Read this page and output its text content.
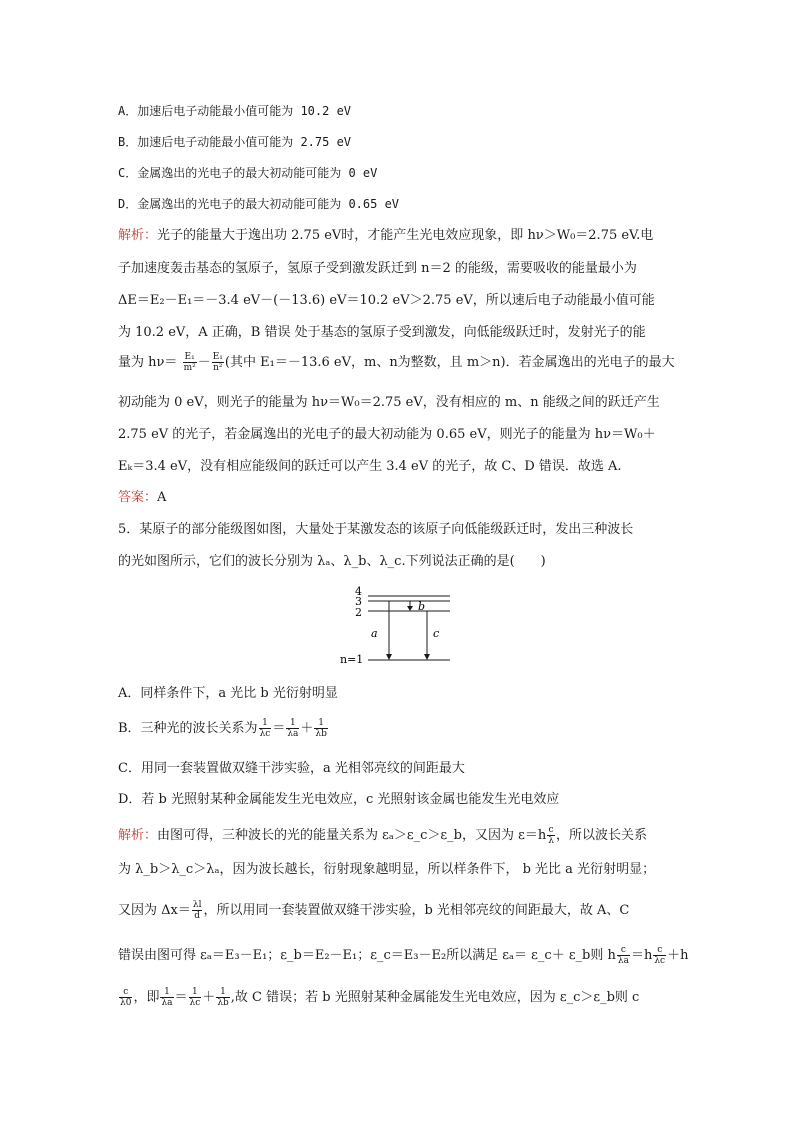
A．加速后电子动能最小值可能为 10.2 eV
B．加速后电子动能最小值可能为 2.75 eV
C．金属逸出的光电子的最大初动能可能为 0 eV
D．金属逸出的光电子的最大初动能可能为 0.65 eV
解析：光子的能量大于逸出功 2.75 eV时，才能产生光电效应现象，即 hν＞W₀＝2.75 eV.电
子加速度轰击基态的氢原子，氢原子受到激发跃迁到 n＝2 的能级，需要吸收的能量最小为
ΔE＝E₂－E₁＝－3.4 eV－(－13.6) eV＝10.2 eV＞2.75 eV，所以速后电子动能最小值可能
为 10.2 eV，A 正确，B 错误 处于基态的氢原子受到激发，向低能级跃迁时，发射光子的能
量为 $h\nu= \frac{\text{E₁}}{\text{m²}} - \frac{\text{E₁}}{\text{n²}}$ (其中 E₁＝－13.6 eV，m、n为整数，且 m＞n)．若金属逸出的光电子的最大
初动能为 0 eV，则光子的能量为 hν＝W₀＝2.75 eV，没有相应的 m、n 能级之间的跃迁产生
2.75 eV 的光子，若金属逸出的光电子的最大初动能为 0.65 eV，则光子的能量为 hν＝W₀＋
Eₖ＝3.4 eV，没有相应能级间的跃迁可以产生 3.4 eV 的光子，故 C、D 错误．故选 A.
答案：A
5．某原子的部分能级图如图，大量处于某激发态的该原子向低能级跃迁时，发出三种波长
的光如图所示，它们的波长分别为 λₐ、λ_b、λ_c.下列说法正确的是(　　)
4
3
2
n=1
b
a	c
A．同样条件下，a 光比 b 光衍射明显
B．三种光的波长关系为 $\frac{1}{\lambda c} = \frac{1}{\lambda a} + \frac{1}{\lambda b}$
C．用同一套装置做双缝干涉实验，a 光相邻亮纹的间距最大
D．若 b 光照射某种金属能发生光电效应，c 光照射该金属也能发生光电效应
解析：由图可得，三种波长的光的能量关系为 εₐ＞ε_c＞ε_b，又因为 $\varepsilon=h \frac{c}{\lambda}$ ，所以波长关系
为 λ_b＞λ_c＞λₐ，因为波长越长，衍射现象越明显，所以样条件下， b 光比 a 光衍射明显；
又因为 $\Delta x= \frac{\lambda l}{d}$ ，所以用同一套装置做双缝干涉实验，b 光相邻亮纹的间距最大，故 A、C
错误由图可得 εₐ＝E₃－E₁；ε_b＝E₂－E₁；ε_c＝E₃－E₂所以满足 εₐ＝ ε_c＋ ε_b则 h $\frac{c}{\lambda a} =h \frac{c}{\lambda c} +h$
$\frac{c}{\lambda 0}$ ，即 $\frac{1}{\lambda a} = \frac{1}{\lambda c} + \frac{1}{\lambda b}$ ,故 C 错误；若 b 光照射某种金属能发生光电效应，因为 ε_c＞ε_b则 c
